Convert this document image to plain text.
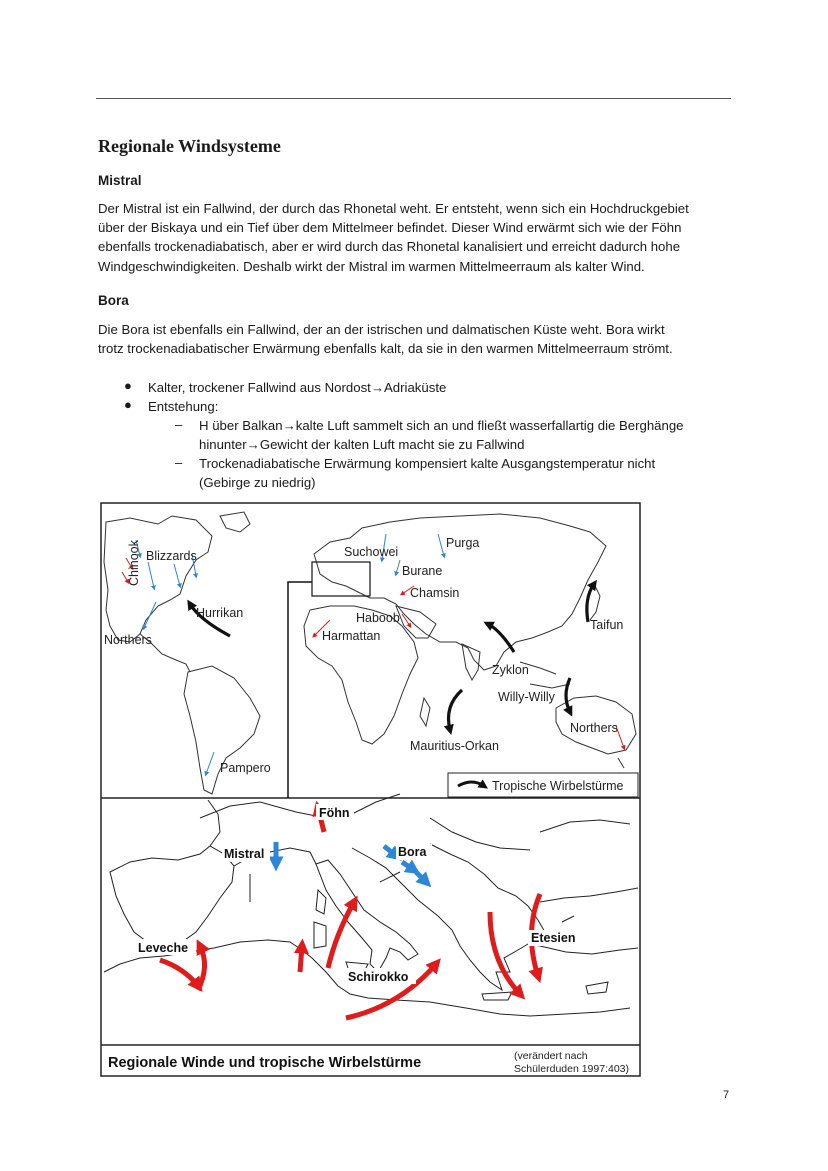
Regionale Windsysteme
Mistral
Der Mistral ist ein Fallwind, der durch das Rhonetal weht. Er entsteht, wenn sich ein Hochdruckgebiet
über der Biskaya und ein Tief über dem Mittelmeer befindet. Dieser Wind erwärmt sich wie der Föhn
ebenfalls trockenadiabatisch, aber er wird durch das Rhonetal kanalisiert und erreicht dadurch hohe
Windgeschwindigkeiten. Deshalb wirkt der Mistral im warmen Mittelmeerraum als kalter Wind.
Bora
Die Bora ist ebenfalls ein Fallwind, der an der istrischen und dalmatischen Küste weht. Bora wirkt
trotz trockenadiabatischer Erwärmung ebenfalls kalt, da sie in den warmen Mittelmeerraum strömt.
● Kalter, trockener Fallwind aus Nordost→Adriaküste
● Entstehung:
– H über Balkan→kalte Luft sammelt sich an und fließt wasserfallartig die Berghänge
hinunter→Gewicht der kalten Luft macht sie zu Fallwind
– Trockenadiabatische Erwärmung kompensiert kalte Ausgangstemperatur nicht
(Gebirge zu niedrig)
Chinook Blizzards
Hurrikan
Northers
Pampero
Suchowei
Purga
Burane
Chamsin
Haboob
Harmattan
Taifun
Zyklon
Willy-Willy
Northers
Mauritius-Orkan
Tropische Wirbelstürme
Föhn
Mistral	Bora
Leveche
Schirokko
Etesien
Regionale Winde und tropische Wirbelstürme	(verändert nach
Schülerduden 1997:403)
7
